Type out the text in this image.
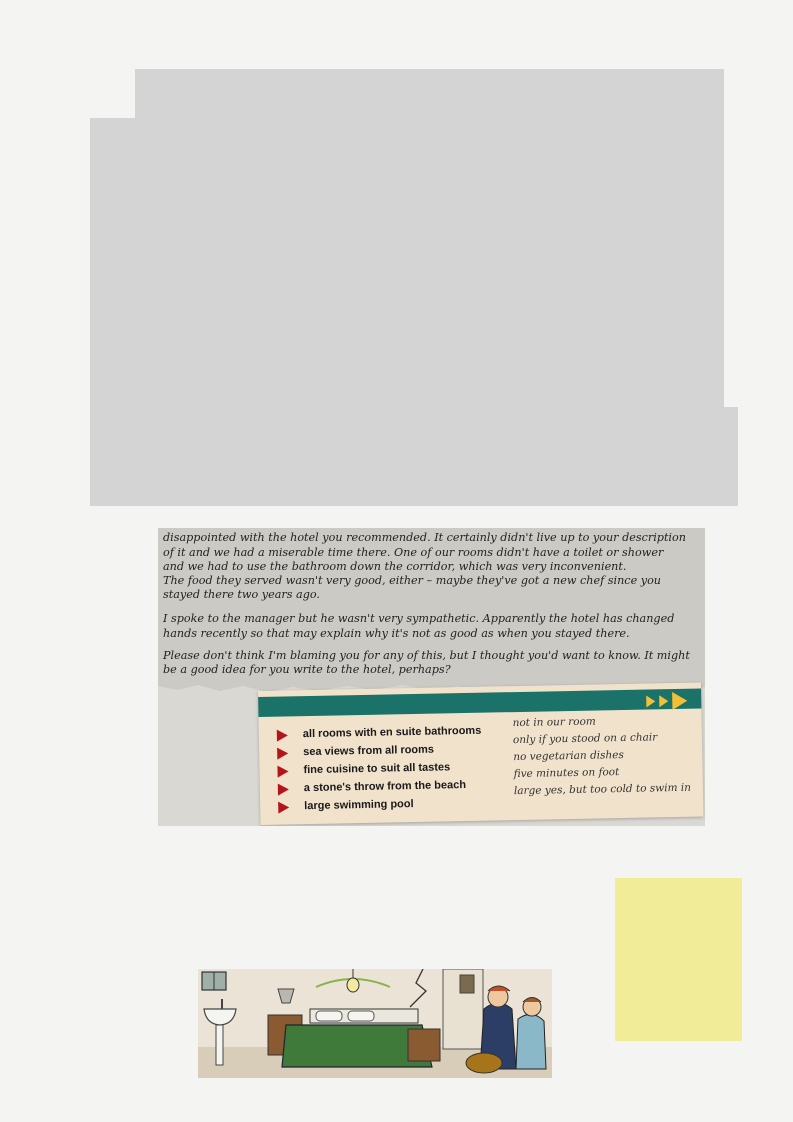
disappointed with the hotel you recommended. It certainly didn't live up to your description

of it and we had a miserable time there. One of our rooms didn't have a toilet or shower

and we had to use the bathroom down the corridor, which was very inconvenient.

The food they served wasn't very good, either – maybe they've got a new chef since you

stayed there two years ago.

I spoke to the manager but he wasn't very sympathetic. Apparently the hotel has changed

hands recently so that may explain why it's not as good as when you stayed there.

Please don't think I'm blaming you for any of this, but I thought you'd want to know. It might

be a good idea for you write to the hotel, perhaps?

all rooms with en suite bathrooms
sea views from all rooms
fine cuisine to suit all tastes
a stone's throw from the beach
large swimming pool
not in our room
only if you stood on a chair
no vegetarian dishes
five minutes on foot
large yes, but too cold to swim in
